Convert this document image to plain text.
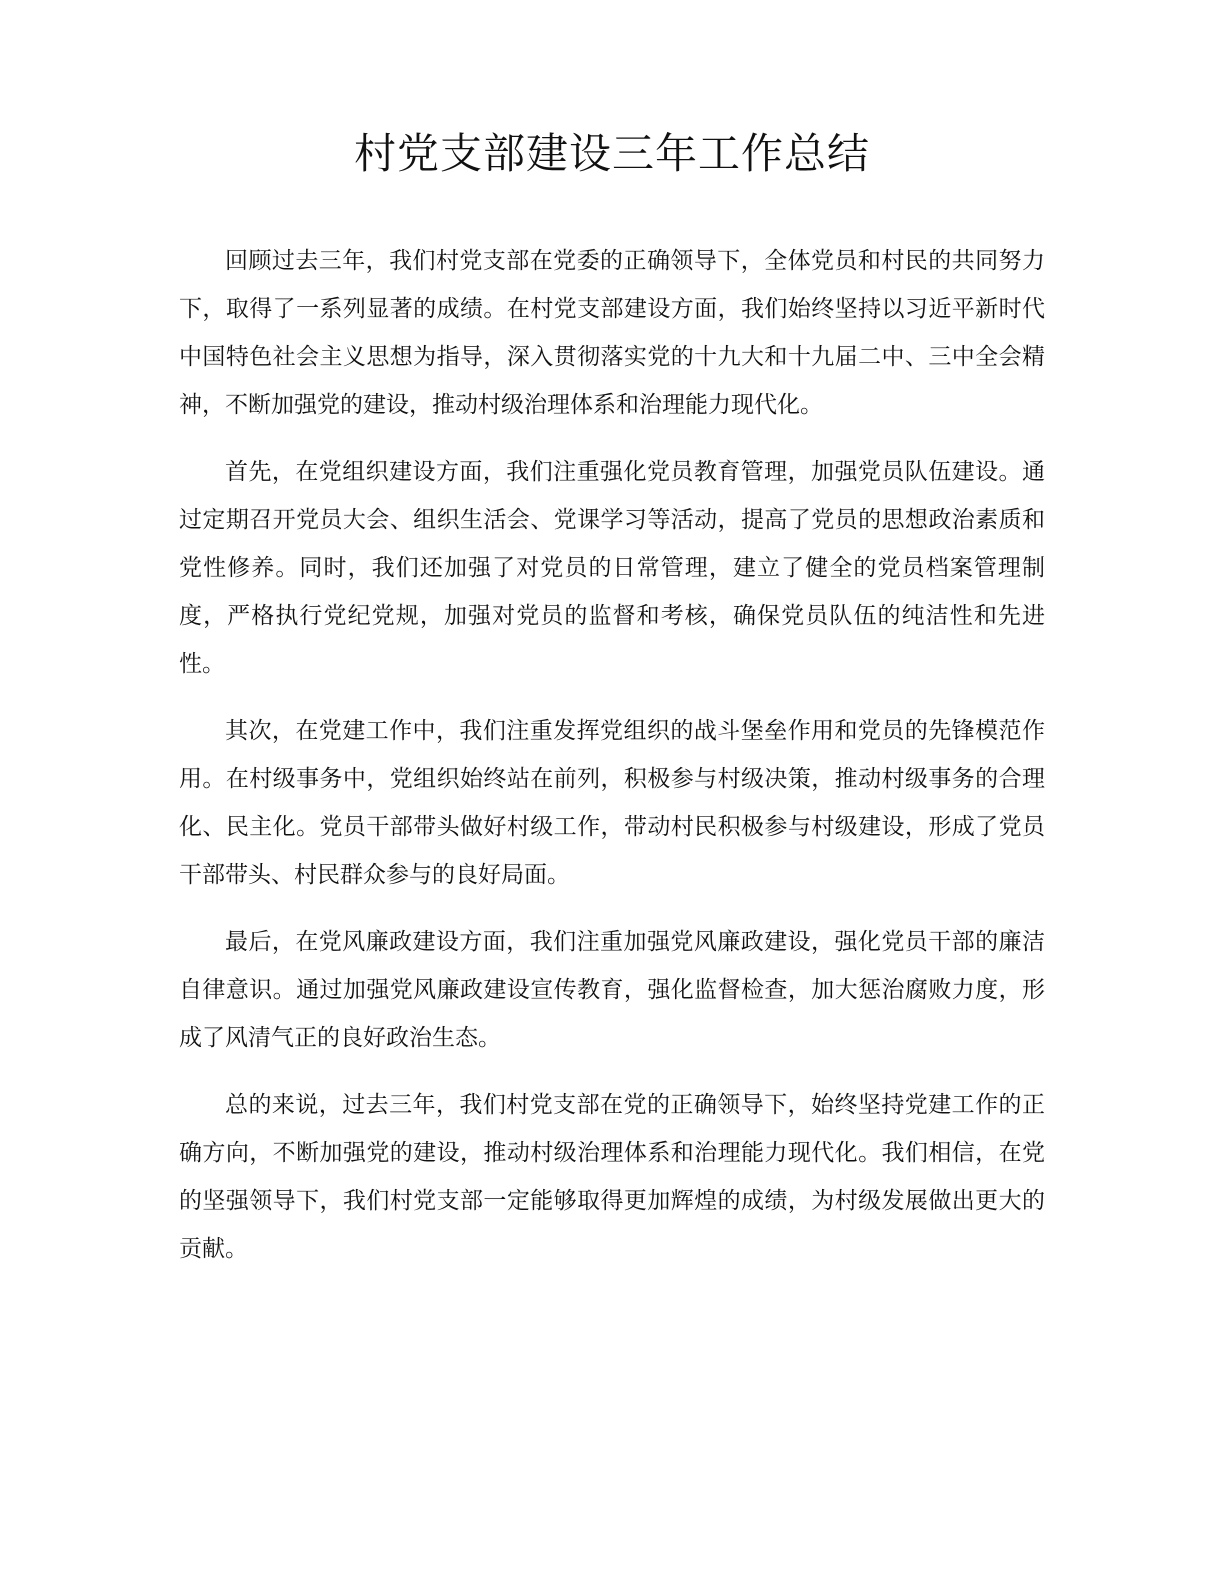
村党支部建设三年工作总结

回顾过去三年，我们村党支部在党委的正确领导下，全体党员和村民的共同努力下，取得了一系列显著的成绩。在村党支部建设方面，我们始终坚持以习近平新时代中国特色社会主义思想为指导，深入贯彻落实党的十九大和十九届二中、三中全会精神，不断加强党的建设，推动村级治理体系和治理能力现代化。

首先，在党组织建设方面，我们注重强化党员教育管理，加强党员队伍建设。通过定期召开党员大会、组织生活会、党课学习等活动，提高了党员的思想政治素质和党性修养。同时，我们还加强了对党员的日常管理，建立了健全的党员档案管理制度，严格执行党纪党规，加强对党员的监督和考核，确保党员队伍的纯洁性和先进性。

其次，在党建工作中，我们注重发挥党组织的战斗堡垒作用和党员的先锋模范作用。在村级事务中，党组织始终站在前列，积极参与村级决策，推动村级事务的合理化、民主化。党员干部带头做好村级工作，带动村民积极参与村级建设，形成了党员干部带头、村民群众参与的良好局面。

最后，在党风廉政建设方面，我们注重加强党风廉政建设，强化党员干部的廉洁自律意识。通过加强党风廉政建设宣传教育，强化监督检查，加大惩治腐败力度，形成了风清气正的良好政治生态。

总的来说，过去三年，我们村党支部在党的正确领导下，始终坚持党建工作的正确方向，不断加强党的建设，推动村级治理体系和治理能力现代化。我们相信，在党的坚强领导下，我们村党支部一定能够取得更加辉煌的成绩，为村级发展做出更大的贡献。
